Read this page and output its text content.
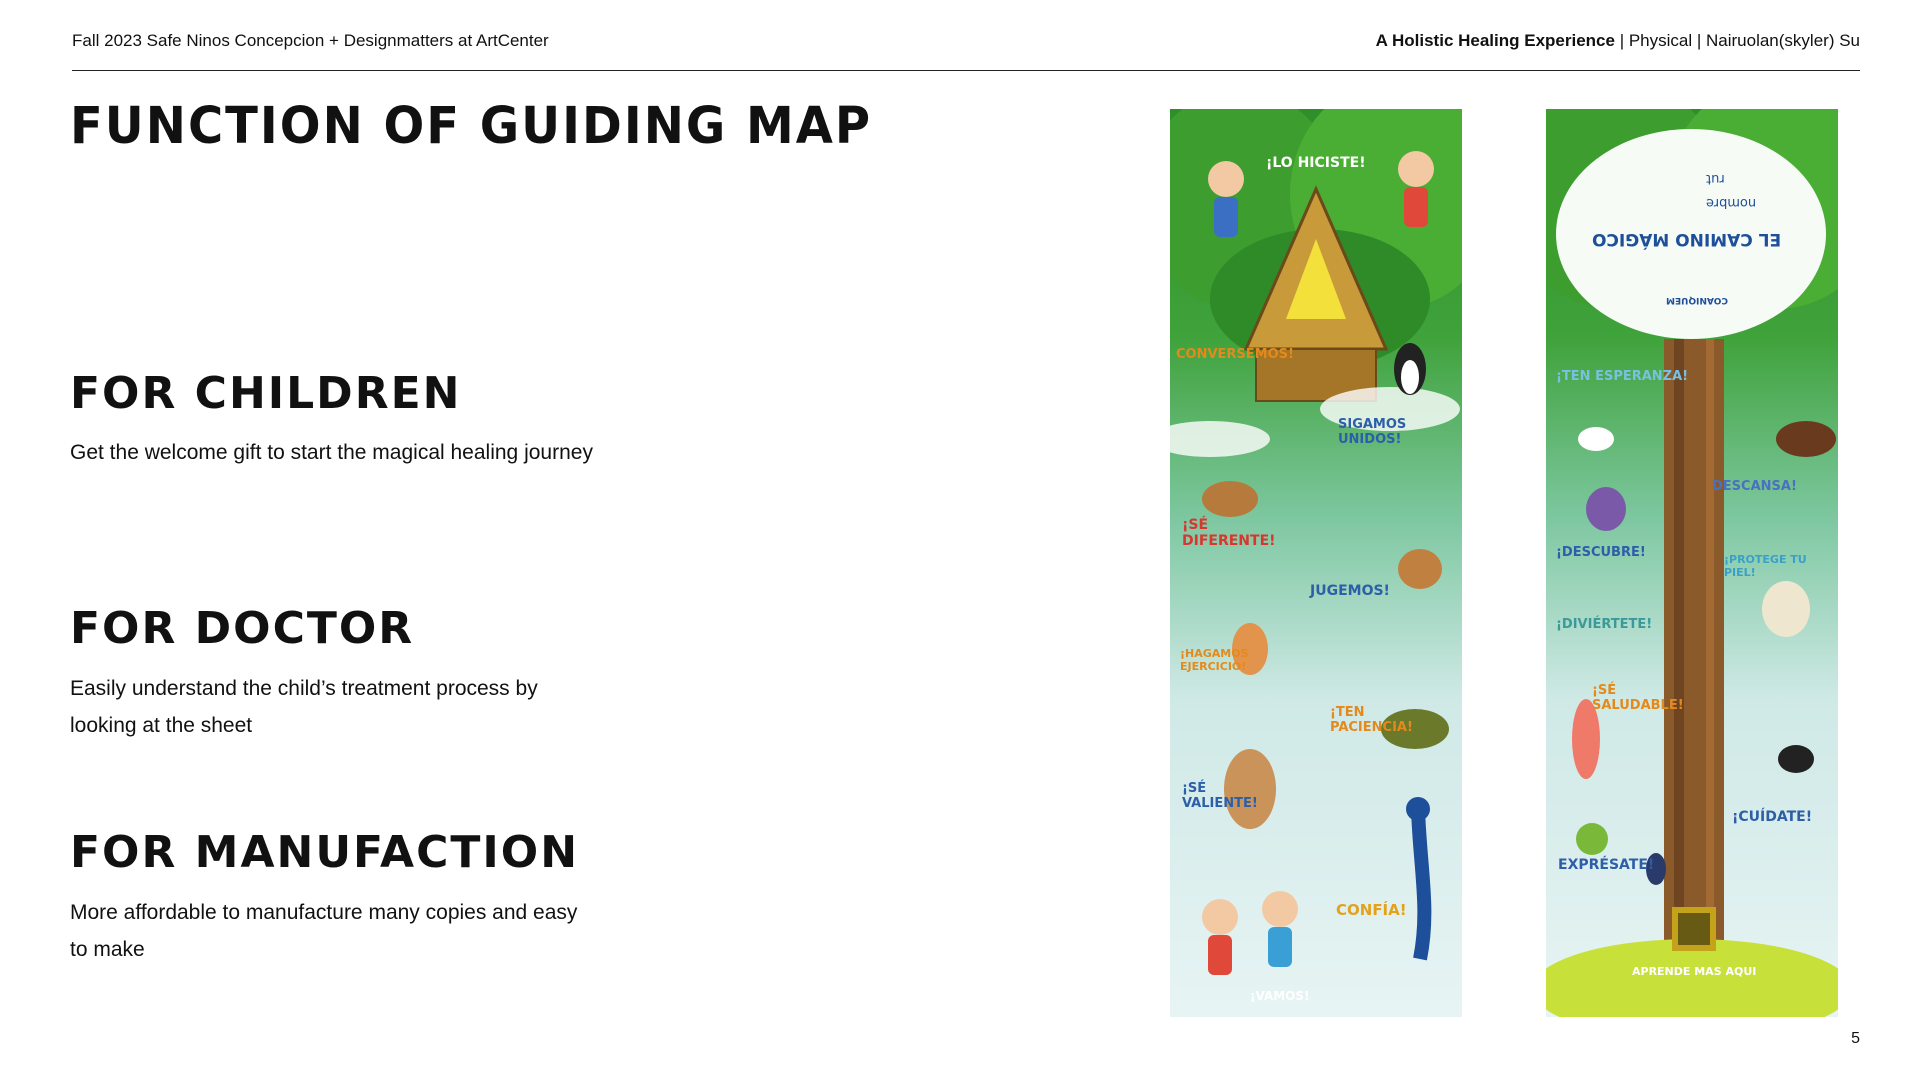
Fall 2023 Safe Ninos Concepcion + Designmatters at ArtCenter	A Holistic Healing Experience | Physical | Nairuolan(skyler) Su
FUNCTION OF GUIDING MAP
FOR CHILDREN
Get the welcome gift to start the magical healing journey
FOR DOCTOR
Easily understand the child’s treatment process by looking at the sheet
FOR MANUFACTION
More affordable to manufacture many copies and easy to make
5
¡LO HICISTE!
CONVERSEMOS!
SIGAMOS UNIDOS!
¡SÉ DIFERENTE!
JUGEMOS!
¡HAGAMOS EJERCICIO!
¡TEN PACIENCIA!
¡SÉ VALIENTE!
CONFÍA!
¡VAMOS!
EL CAMINO MÁGICO
nombre
rut
COANIQUEM
¡TEN ESPERANZA!
DESCANSA!
¡DESCUBRE!	¡PROTEGE TU PIEL!
¡DIVIÉRTETE!
¡SÉ SALUDABLE!
¡CUÍDATE!
EXPRÉSATE!
APRENDE MAS AQUI
